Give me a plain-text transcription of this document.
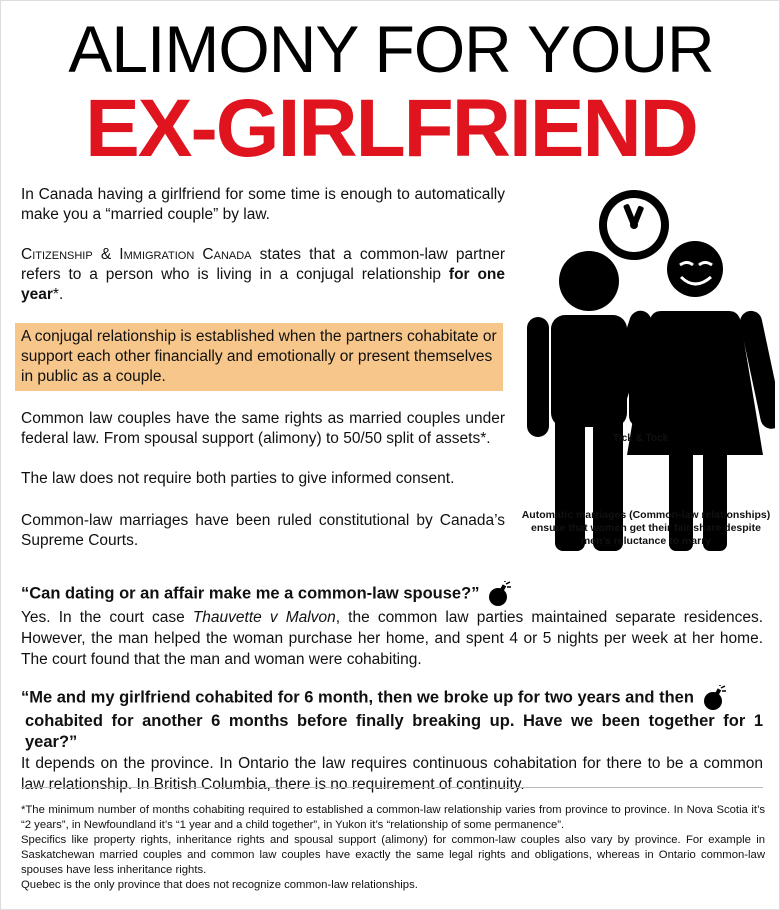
ALIMONY FOR YOUR
EX-GIRLFRIEND
In Canada having a girlfriend for some time is enough to automatically make you a “married couple” by law.
Citizenship & Immigration Canada states that a common-law partner refers to a person who is living in a conjugal relationship for one year*.
A conjugal relationship is established when the partners cohabitate or support each other financially and emotionally or present themselves in public as a couple.
Common law couples have the same rights as married couples under federal law. From spousal support (alimony) to 50/50 split of assets*.
The law does not require both parties to give informed consent.
Common-law marriages have been ruled constitutional by Canada’s Supreme Courts.
Tick & Tock
Automatic marriages (Common-law relationships) ensure that women get their fair share despite men’s reluctance to marry

“Can dating or an affair make me a common-law spouse?”

Yes. In the court case Thauvette v Malvon, the common law parties maintained separate residences. However, the man helped the woman purchase her home, and spent 4 or 5 nights per week at her home. The court found that the man and woman were cohabiting.

“Me and my girlfriend cohabited for 6 month, then we broke up for two years and then

cohabited for another 6 months before finally breaking up. Have we been together for 1 year?”

It depends on the province. In Ontario the law requires continuous cohabitation for there to be a common law relationship. In British Columbia, there is no requirement of continuity.

*The minimum number of months cohabiting required to established a common-law relationship varies from province to province. In Nova Scotia it’s “2 years”, in Newfoundland it’s “1 year and a child together”, in Yukon it’s “relationship of some permanence”.

Specifics like property rights, inheritance rights and spousal support (alimony) for common-law couples also vary by province. For example in Saskatchewan married couples and common law couples have exactly the same legal rights and obligations, whereas in Ontario common-law spouses have less inheritance rights.

Quebec is the only province that does not recognize common-law relationships.
